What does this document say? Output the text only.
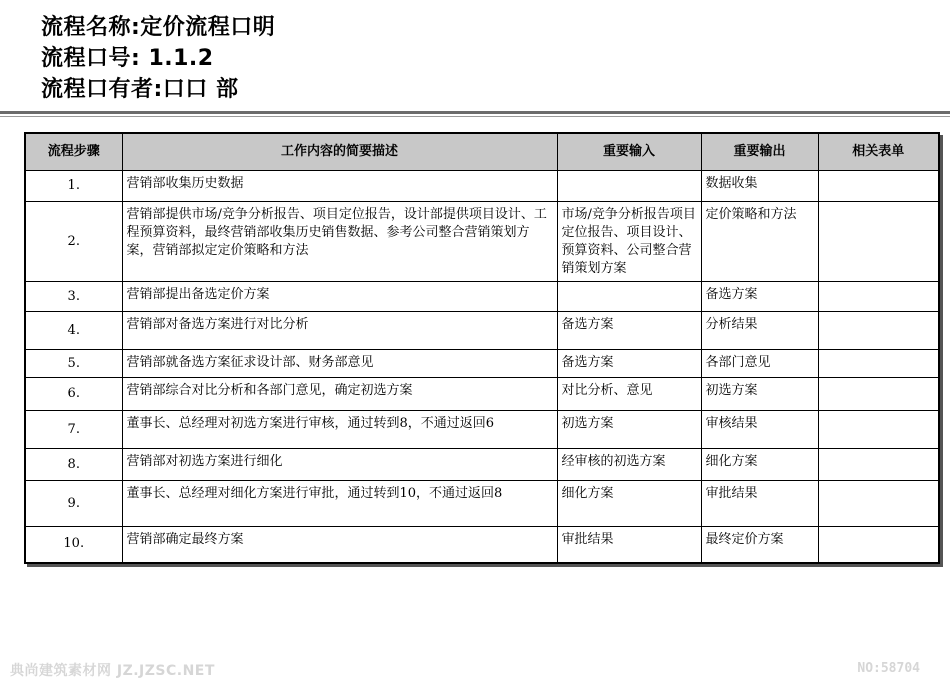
流程名称:定价流程口明
流程口号: 1.1.2
流程口有者:口口 部
流程步骤	工作内容的简要描述	重要输入	重要输出	相关表单
1.	营销部收集历史数据		数据收集	
2.	营销部提供市场/竞争分析报告、项目定位报告，设计部提供项目设计、工程预算资料，最终营销部收集历史销售数据、参考公司整合营销策划方案，营销部拟定定价策略和方法	市场/竞争分析报告项目定位报告、项目设计、预算资料、公司整合营销策划方案	定价策略和方法	
3.	营销部提出备选定价方案		备选方案	
4.	营销部对备选方案进行对比分析	备选方案	分析结果	
5.	营销部就备选方案征求设计部、财务部意见	备选方案	各部门意见	
6.	营销部综合对比分析和各部门意见，确定初选方案	对比分析、意见	初选方案	
7.	董事长、总经理对初选方案进行审核，通过转到8，不通过返回6	初选方案	审核结果	
8.	营销部对初选方案进行细化	经审核的初选方案	细化方案	
9.	董事长、总经理对细化方案进行审批，通过转到10，不通过返回8	细化方案	审批结果	
10.	营销部确定最终方案	审批结果	最终定价方案	
典尚建筑素材网 JZ.JZSC.NET	NO:58704
